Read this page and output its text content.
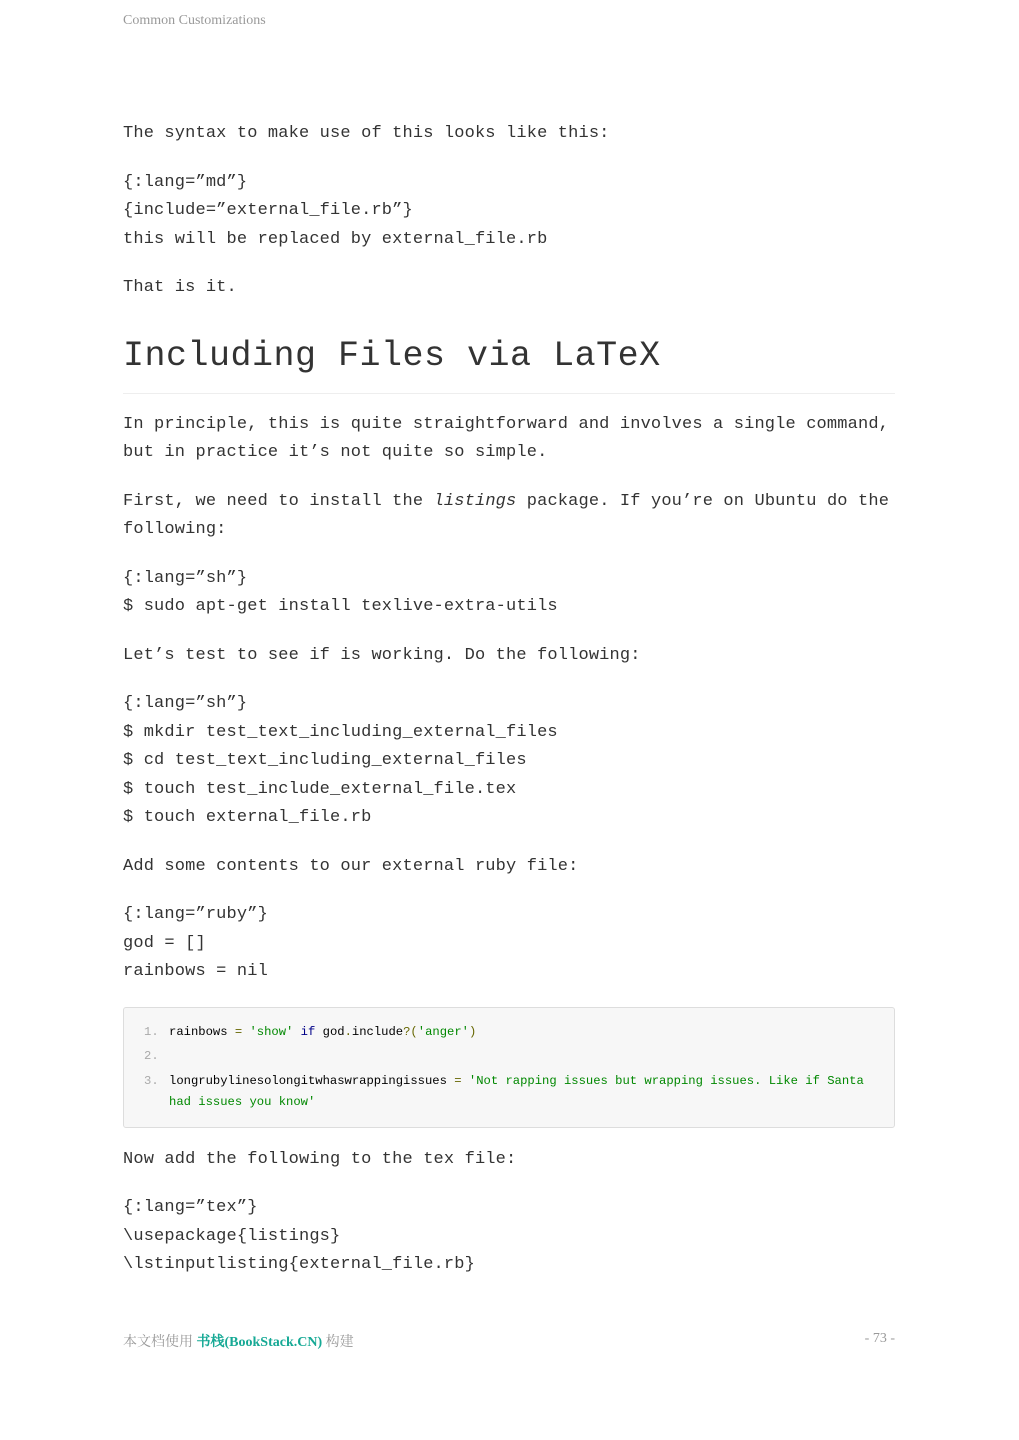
Common Customizations

The syntax to make use of this looks like this:

{:lang=”md”}
{include=”external_file.rb”}
this will be replaced by external_file.rb

That is it.

Including Files via LaTeX

In principle, this is quite straightforward and involves a single command,
but in practice it’s not quite so simple.

First, we need to install the listings package. If you’re on Ubuntu do the
following:

{:lang=”sh”}
$ sudo apt-get install texlive-extra-utils

Let’s test to see if is working. Do the following:

{:lang=”sh”}
$ mkdir test_text_including_external_files
$ cd test_text_including_external_files
$ touch test_include_external_file.tex
$ touch external_file.rb

Add some contents to our external ruby file:

{:lang=”ruby”}
god = []
rainbows = nil

1. rainbows = 'show' if god.include?('anger')
2.
3. longrubylinesolongitwhaswrappingissues = 'Not rapping issues but wrapping issues. Like if Santa had issues you know'

Now add the following to the tex file:

{:lang=”tex”}
\usepackage{listings}
\lstinputlisting{external_file.rb}

本文档使用 书栈(BookStack.CN) 构建	- 73 -
